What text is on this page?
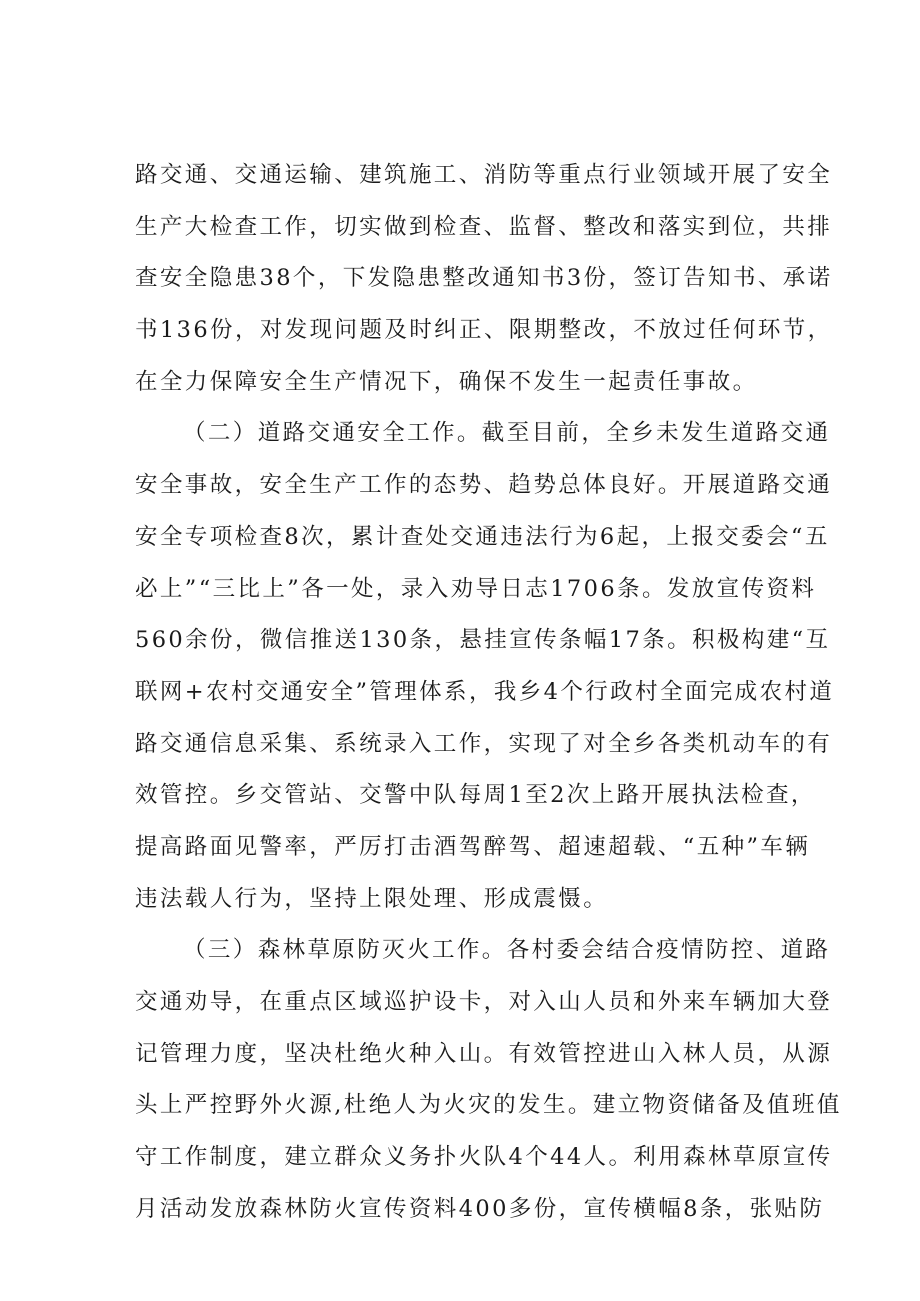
路交通、交通运输、建筑施工、消防等重点行业领域开展了安全
生产大检查工作，切实做到检查、监督、整改和落实到位，共排
查安全隐患38个，下发隐患整改通知书3份，签订告知书、承诺
书136份，对发现问题及时纠正、限期整改，不放过任何环节，
在全力保障安全生产情况下，确保不发生一起责任事故。
（二）道路交通安全工作。截至目前，全乡未发生道路交通
安全事故，安全生产工作的态势、趋势总体良好。开展道路交通
安全专项检查8次，累计查处交通违法行为6起，上报交委会“五
必上”“三比上”各一处，录入劝导日志1706条。发放宣传资料
560余份，微信推送130条，悬挂宣传条幅17条。积极构建“互
联网+农村交通安全”管理体系，我乡4个行政村全面完成农村道
路交通信息采集、系统录入工作，实现了对全乡各类机动车的有
效管控。乡交管站、交警中队每周1至2次上路开展执法检查，
提高路面见警率，严厉打击酒驾醉驾、超速超载、“五种”车辆
违法载人行为，坚持上限处理、形成震慑。
（三）森林草原防灭火工作。各村委会结合疫情防控、道路
交通劝导，在重点区域巡护设卡，对入山人员和外来车辆加大登
记管理力度，坚决杜绝火种入山。有效管控进山入林人员，从源
头上严控野外火源,杜绝人为火灾的发生。建立物资储备及值班值
守工作制度，建立群众义务扑火队4个44人。利用森林草原宣传
月活动发放森林防火宣传资料400多份，宣传横幅8条，张贴防
